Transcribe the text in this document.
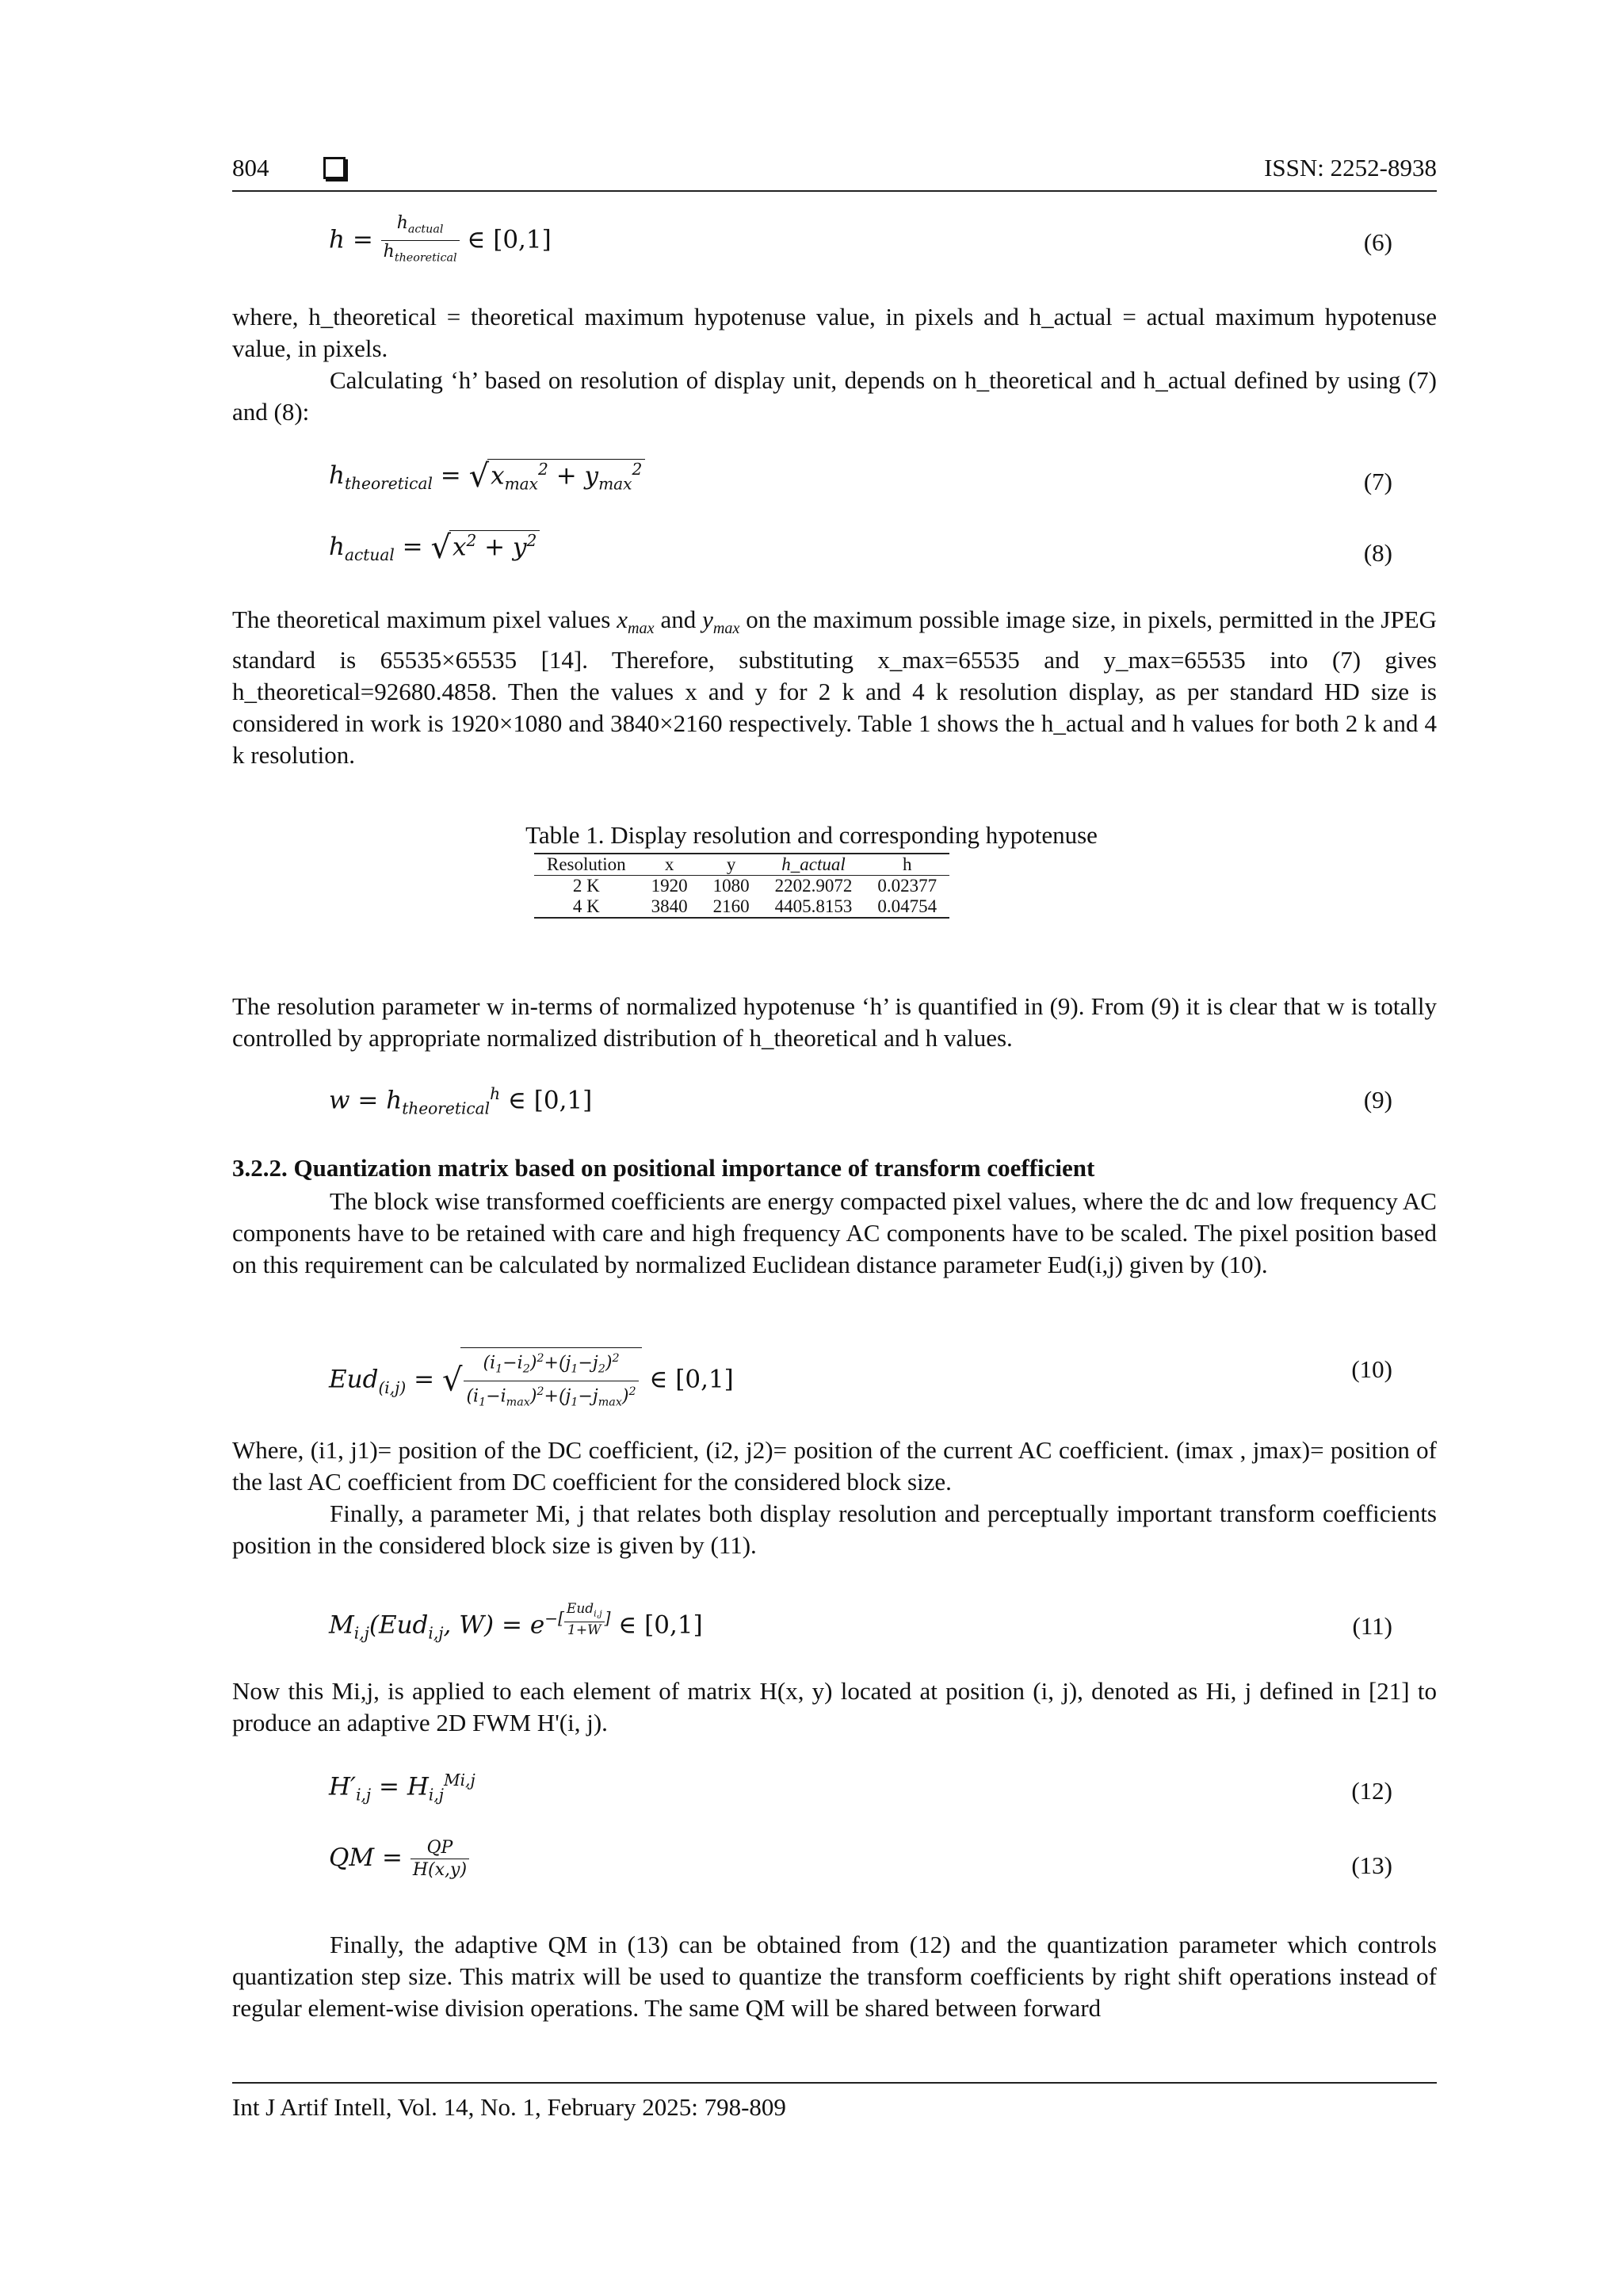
804	ISSN: 2252-8938
$h = \frac{h_{actual}}{h_{theoretical}}$ ∈ [0,1]	(6)

where, h_theoretical = theoretical maximum hypotenuse value, in pixels and h_actual = actual maximum hypotenuse value, in pixels.

Calculating ‘h’ based on resolution of display unit, depends on h_theoretical and h_actual defined by using (7) and (8):

$h_{theoretical} = √x_{max}^2 + y_{max}^2$	(7)
$h_{actual} = √x^2 + y^2$	(8)

The theoretical maximum pixel values $x_{max}$ and $y_{max}$ on the maximum possible image size, in pixels, permitted in the JPEG standard is 65535×65535 [14]. Therefore, substituting x_max=65535 and y_max=65535 into (7) gives h_theoretical=92680.4858. Then the values x and y for 2 k and 4 k resolution display, as per standard HD size is considered in work is 1920×1080 and 3840×2160 respectively. Table 1 shows the h_actual and h values for both 2 k and 4 k resolution.

Table 1. Display resolution and corresponding hypotenuse
Resolution	x	y	h_actual	h
2 K	1920	1080	2202.9072	0.02377
4 K	3840	2160	4405.8153	0.04754

The resolution parameter w in-terms of normalized hypotenuse ‘h’ is quantified in (9). From (9) it is clear that w is totally controlled by appropriate normalized distribution of h_theoretical and h values.

$w = h_{theoretical}^h$ ∈ [0,1]	(9)
3.2.2. Quantization matrix based on positional importance of transform coefficient

The block wise transformed coefficients are energy compacted pixel values, where the dc and low frequency AC components have to be retained with care and high frequency AC components have to be scaled. The pixel position based on this requirement can be calculated by normalized Euclidean distance parameter Eud(i,j) given by (10).

Eud$_{(i,j)}$ = √ $\frac{(i_1-i_2)^2+(j_1-j_2)^2}{(i_1-i_{max})^2+(j_1-j_{max})^2}$ ∈ [0,1]	(10)

Where, (i1, j1)= position of the DC coefficient, (i2, j2)= position of the current AC coefficient. (imax , jmax)= position of the last AC coefficient from DC coefficient for the considered block size.

Finally, a parameter Mi, j that relates both display resolution and perceptually important transform coefficients position in the considered block size is given by (11).

$M_{i,j}(Eud_{i,j}$, $W) = e^{-[ \frac{Eud_{i,j}}{1+W} ]}$ ∈ [0,1]	(11)

Now this Mi,j, is applied to each element of matrix H(x, y) located at position (i, j), denoted as Hi, j defined in [21] to produce an adaptive 2D FWM H'(i, j).

$H'_{i,j} = H_{i,j}^{Mi,j}$	(12)
QM = $\frac{QP}{H(x,y)}$	(13)

Finally, the adaptive QM in (13) can be obtained from (12) and the quantization parameter which controls quantization step size. This matrix will be used to quantize the transform coefficients by right shift operations instead of regular element-wise division operations. The same QM will be shared between forward

Int J Artif Intell, Vol. 14, No. 1, February 2025: 798-809
